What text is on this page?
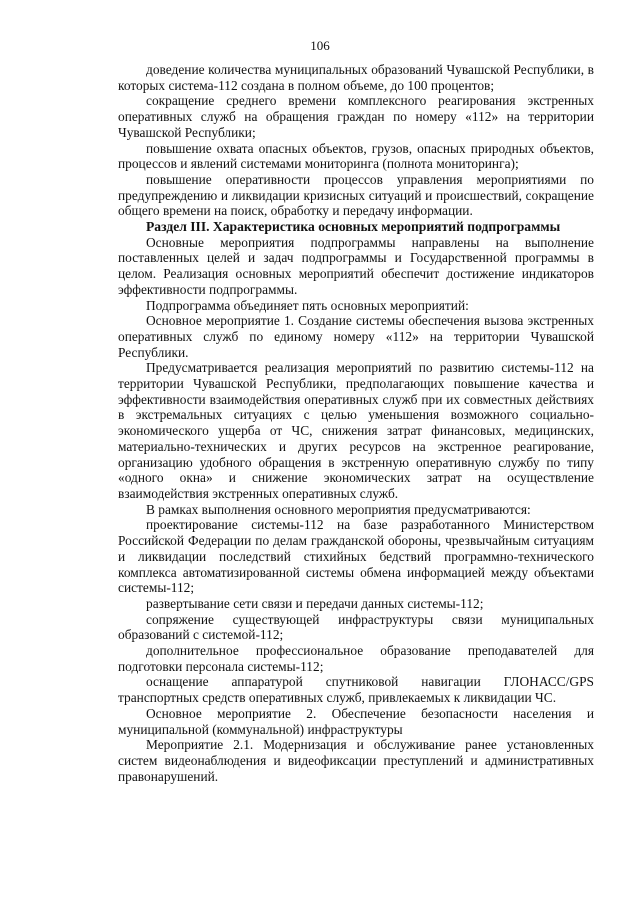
106

доведение количества муниципальных образований Чувашской Республики, в которых система-112 создана в полном объеме, до 100 процентов;

сокращение среднего времени комплексного реагирования экстренных оперативных служб на обращения граждан по номеру «112» на территории Чувашской Республики;

повышение охвата опасных объектов, грузов, опасных природных объектов, процессов и явлений системами мониторинга (полнота мониторинга);

повышение оперативности процессов управления мероприятиями по предупреждению и ликвидации кризисных ситуаций и происшествий, сокращение общего времени на поиск, обработку и передачу информации.

Раздел III. Характеристика основных мероприятий подпрограммы

Основные мероприятия подпрограммы направлены на выполнение поставленных целей и задач подпрограммы и Государственной программы в целом. Реализация основных мероприятий обеспечит достижение индикаторов эффективности подпрограммы.

Подпрограмма объединяет пять основных мероприятий:

Основное мероприятие 1. Создание системы обеспечения вызова экстренных оперативных служб по единому номеру «112» на территории Чувашской Республики.

Предусматривается реализация мероприятий по развитию системы-112 на территории Чувашской Республики, предполагающих повышение качества и эффективности взаимодействия оперативных служб при их совместных действиях в экстремальных ситуациях с целью уменьшения возможного социально-экономического ущерба от ЧС, снижения затрат финансовых, медицинских, материально-технических и других ресурсов на экстренное реагирование, организацию удобного обращения в экстренную оперативную службу по типу «одного окна» и снижение экономических затрат на осуществление взаимодействия экстренных оперативных служб.

В рамках выполнения основного мероприятия предусматриваются:

проектирование системы-112 на базе разработанного Министерством Российской Федерации по делам гражданской обороны, чрезвычайным ситуациям и ликвидации последствий стихийных бедствий программно-технического комплекса автоматизированной системы обмена информацией между объектами системы-112;

развертывание сети связи и передачи данных системы-112;

сопряжение существующей инфраструктуры связи муниципальных образований с системой-112;

дополнительное профессиональное образование преподавателей для подготовки персонала системы-112;

оснащение аппаратурой спутниковой навигации ГЛОНАСС/GPS транспортных средств оперативных служб, привлекаемых к ликвидации ЧС.

Основное мероприятие 2. Обеспечение безопасности населения и муниципальной (коммунальной) инфраструктуры

Мероприятие 2.1. Модернизация и обслуживание ранее установленных систем видеонаблюдения и видеофиксации преступлений и административных правонарушений.
